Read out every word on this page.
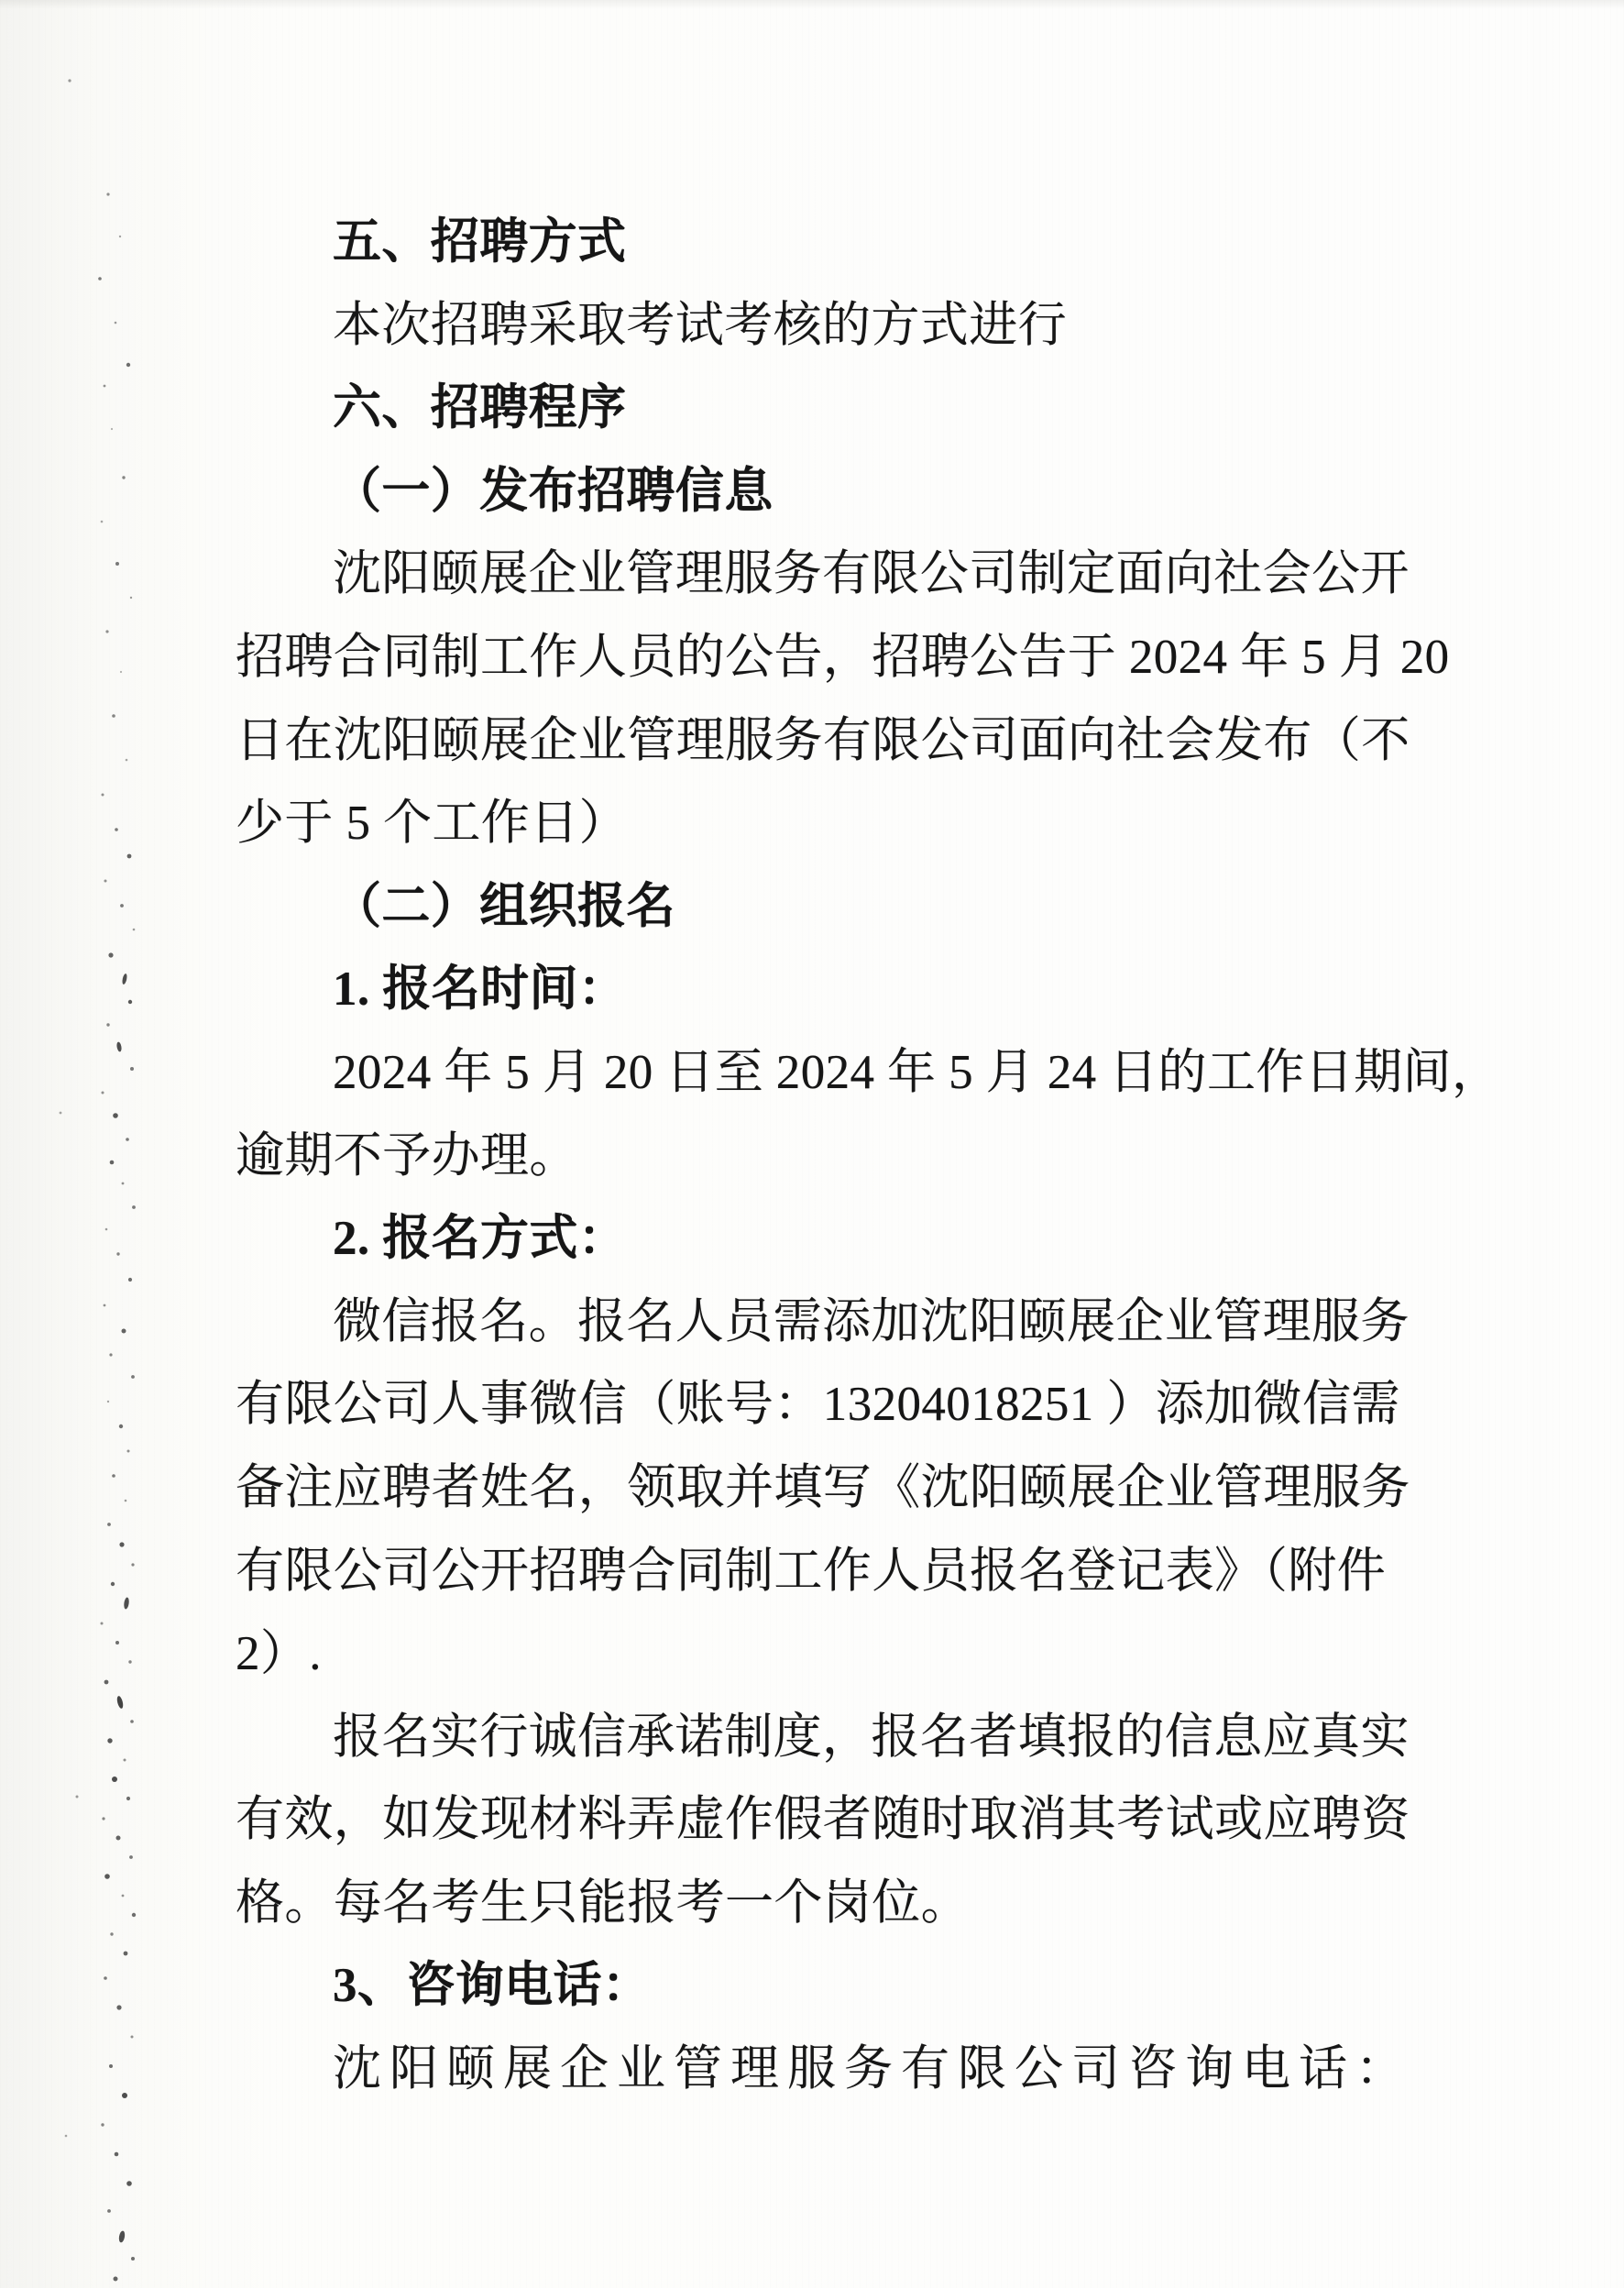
五、招聘方式
本次招聘采取考试考核的方式进行
六、招聘程序
（一）发布招聘信息
沈阳颐展企业管理服务有限公司制定面向社会公开
招聘合同制工作人员的公告，招聘公告于 2024 年 5 月 20
日在沈阳颐展企业管理服务有限公司面向社会发布（不
少于 5 个工作日）
（二）组织报名
1. 报名时间：
2024 年 5 月 20 日至 2024 年 5 月 24 日的工作日期间，
逾期不予办理。
2. 报名方式：
微信报名。报名人员需添加沈阳颐展企业管理服务
有限公司人事微信（账号：13204018251 ）添加微信需
备注应聘者姓名，领取并填写《沈阳颐展企业管理服务
有限公司公开招聘合同制工作人员报名登记表》（附件
2）.
报名实行诚信承诺制度，报名者填报的信息应真实
有效，如发现材料弄虚作假者随时取消其考试或应聘资
格。每名考生只能报考一个岗位。
3、咨询电话：
沈阳颐展企业管理服务有限公司咨询电话：
